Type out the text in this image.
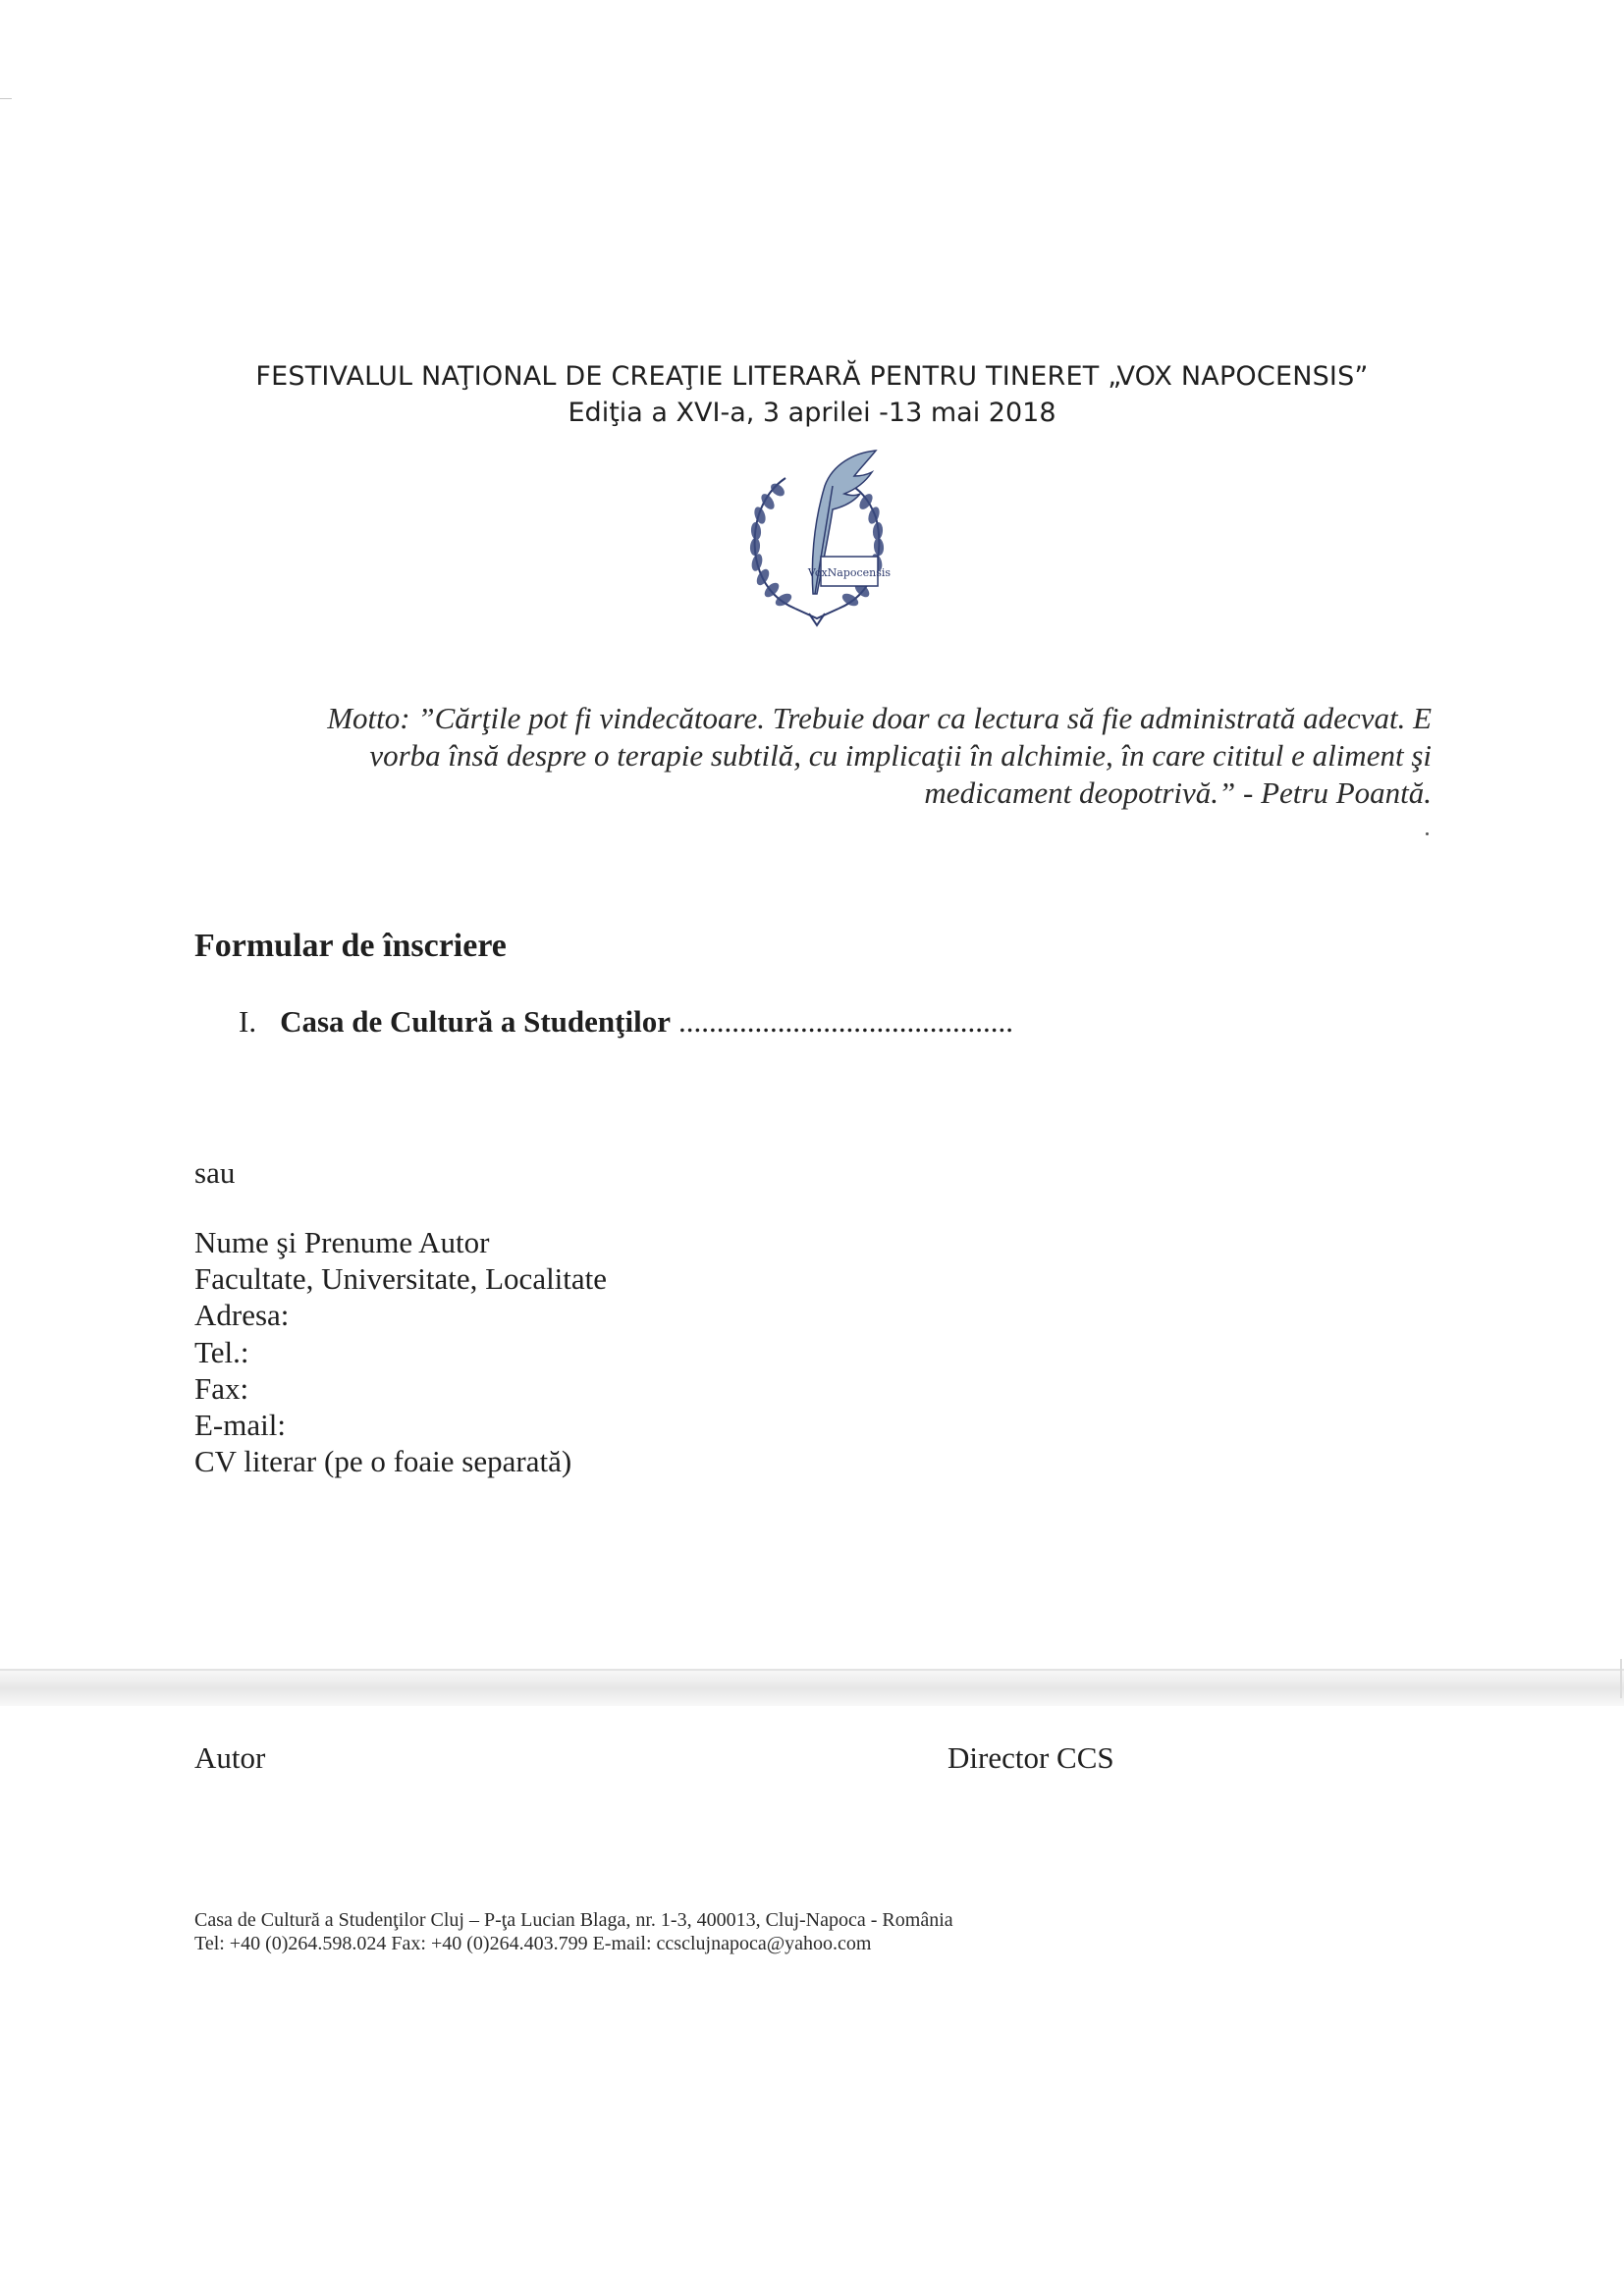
FESTIVALUL NAŢIONAL DE CREAŢIE LITERARĂ PENTRU TINERET „VOX NAPOCENSIS”
Ediţia a XVI-a, 3 aprilei -13 mai 2018
VoxNapocensis
Motto: ”Cărţile pot fi vindecătoare. Trebuie doar ca lectura să fie administrată adecvat. E
vorba însă despre o terapie subtilă, cu implicaţii în alchimie, în care cititul e aliment şi
medicament deopotrivă.” - Petru Poantă.
Formular de înscriere
I. Casa de Cultură a Studenţilor ............................................
sau
Nume şi Prenume Autor
Facultate, Universitate, Localitate
Adresa:
Tel.:
Fax:
E-mail:
CV literar (pe o foaie separată)
Autor	Director CCS
Casa de Cultură a Studenţilor Cluj – P-ţa Lucian Blaga, nr. 1-3, 400013, Cluj-Napoca - România
Tel: +40 (0)264.598.024 Fax: +40 (0)264.403.799 E-mail: ccsclujnapoca@yahoo.com
